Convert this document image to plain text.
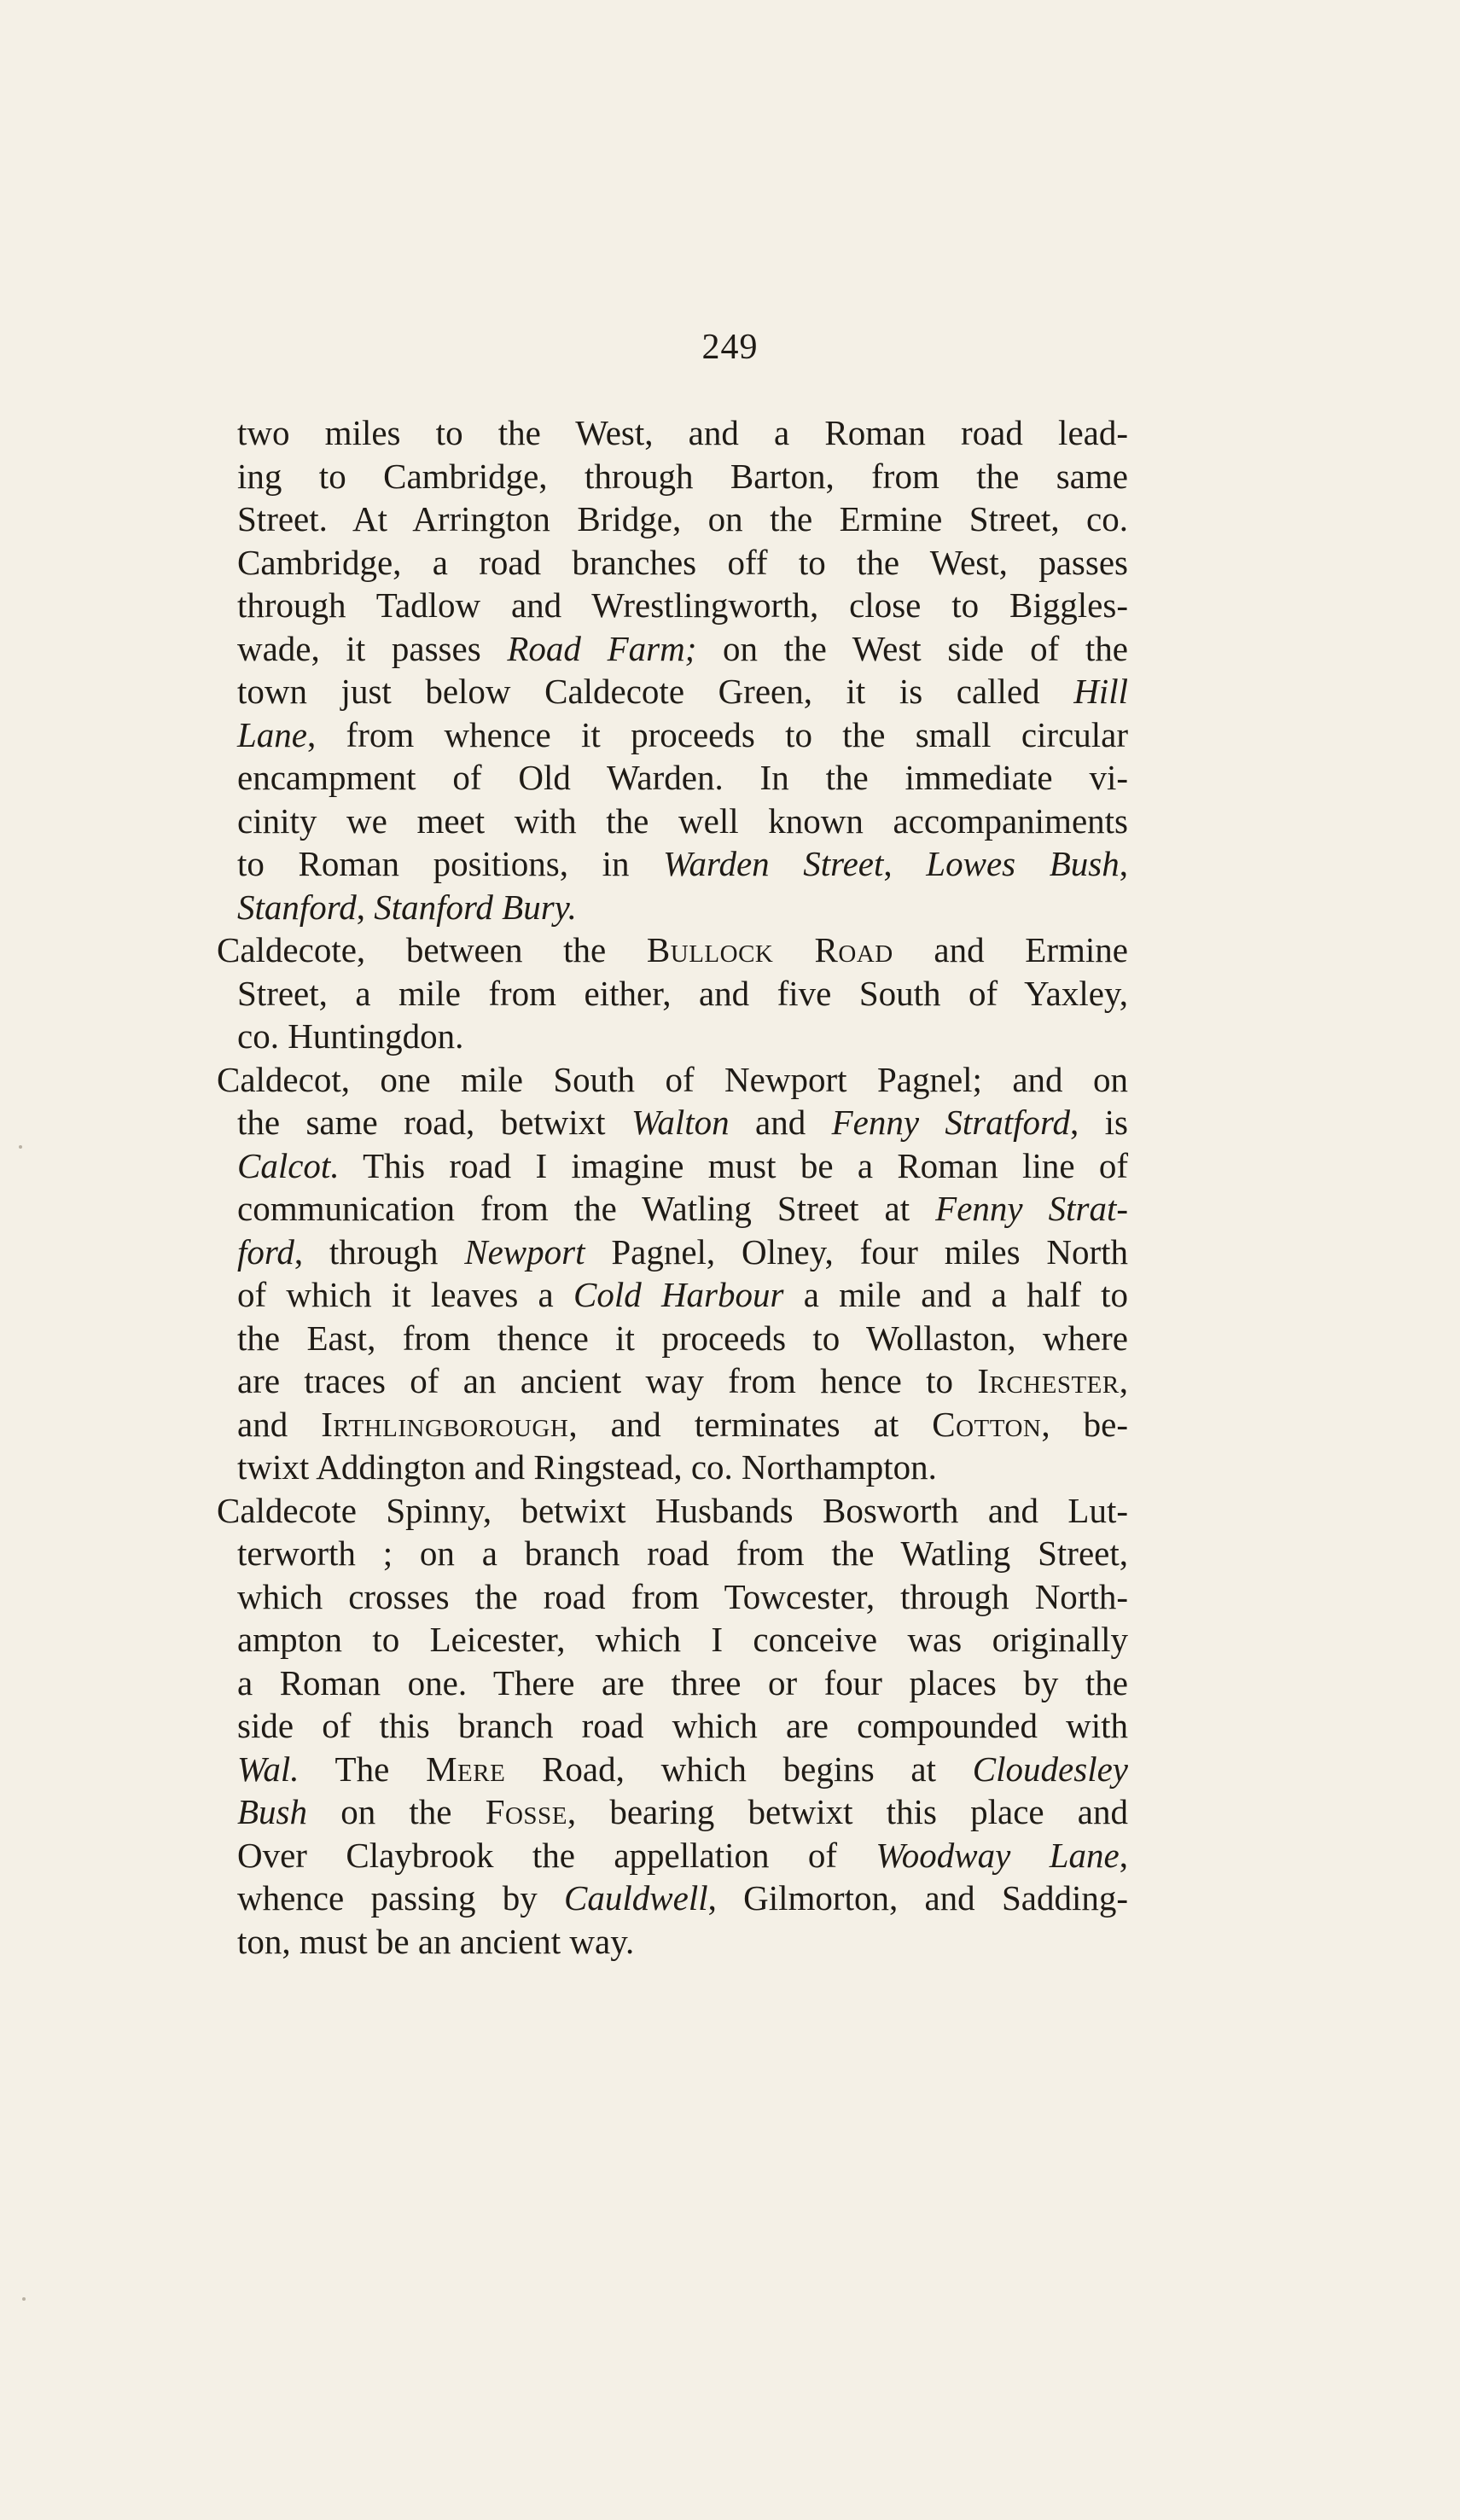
249
two miles to the West, and a Roman road lead-
ing to Cambridge, through Barton, from the same
Street. At Arrington Bridge, on the Ermine Street, co.
Cambridge, a road branches off to the West, passes
through Tadlow and Wrestlingworth, close to Biggles-
wade, it passes Road Farm; on the West side of the
town just below Caldecote Green, it is called Hill
Lane, from whence it proceeds to the small circular
encampment of Old Warden. In the immediate vi-
cinity we meet with the well known accompaniments
to Roman positions, in Warden Street, Lowes Bush,
Stanford, Stanford Bury.
Caldecote, between the Bullock Road and Ermine
Street, a mile from either, and five South of Yaxley,
co. Huntingdon.
Caldecot, one mile South of Newport Pagnel; and on
the same road, betwixt Walton and Fenny Stratford, is
Calcot. This road I imagine must be a Roman line of
communication from the Watling Street at Fenny Strat-
ford, through Newport Pagnel, Olney, four miles North
of which it leaves a Cold Harbour a mile and a half to
the East, from thence it proceeds to Wollaston, where
are traces of an ancient way from hence to Irchester,
and Irthlingborough, and terminates at Cotton, be-
twixt Addington and Ringstead, co. Northampton.
Caldecote Spinny, betwixt Husbands Bosworth and Lut-
terworth ; on a branch road from the Watling Street,
which crosses the road from Towcester, through North-
ampton to Leicester, which I conceive was originally
a Roman one. There are three or four places by the
side of this branch road which are compounded with
Wal. The Mere Road, which begins at Cloudesley
Bush on the Fosse, bearing betwixt this place and
Over Claybrook the appellation of Woodway Lane,
whence passing by Cauldwell, Gilmorton, and Sadding-
ton, must be an ancient way.
